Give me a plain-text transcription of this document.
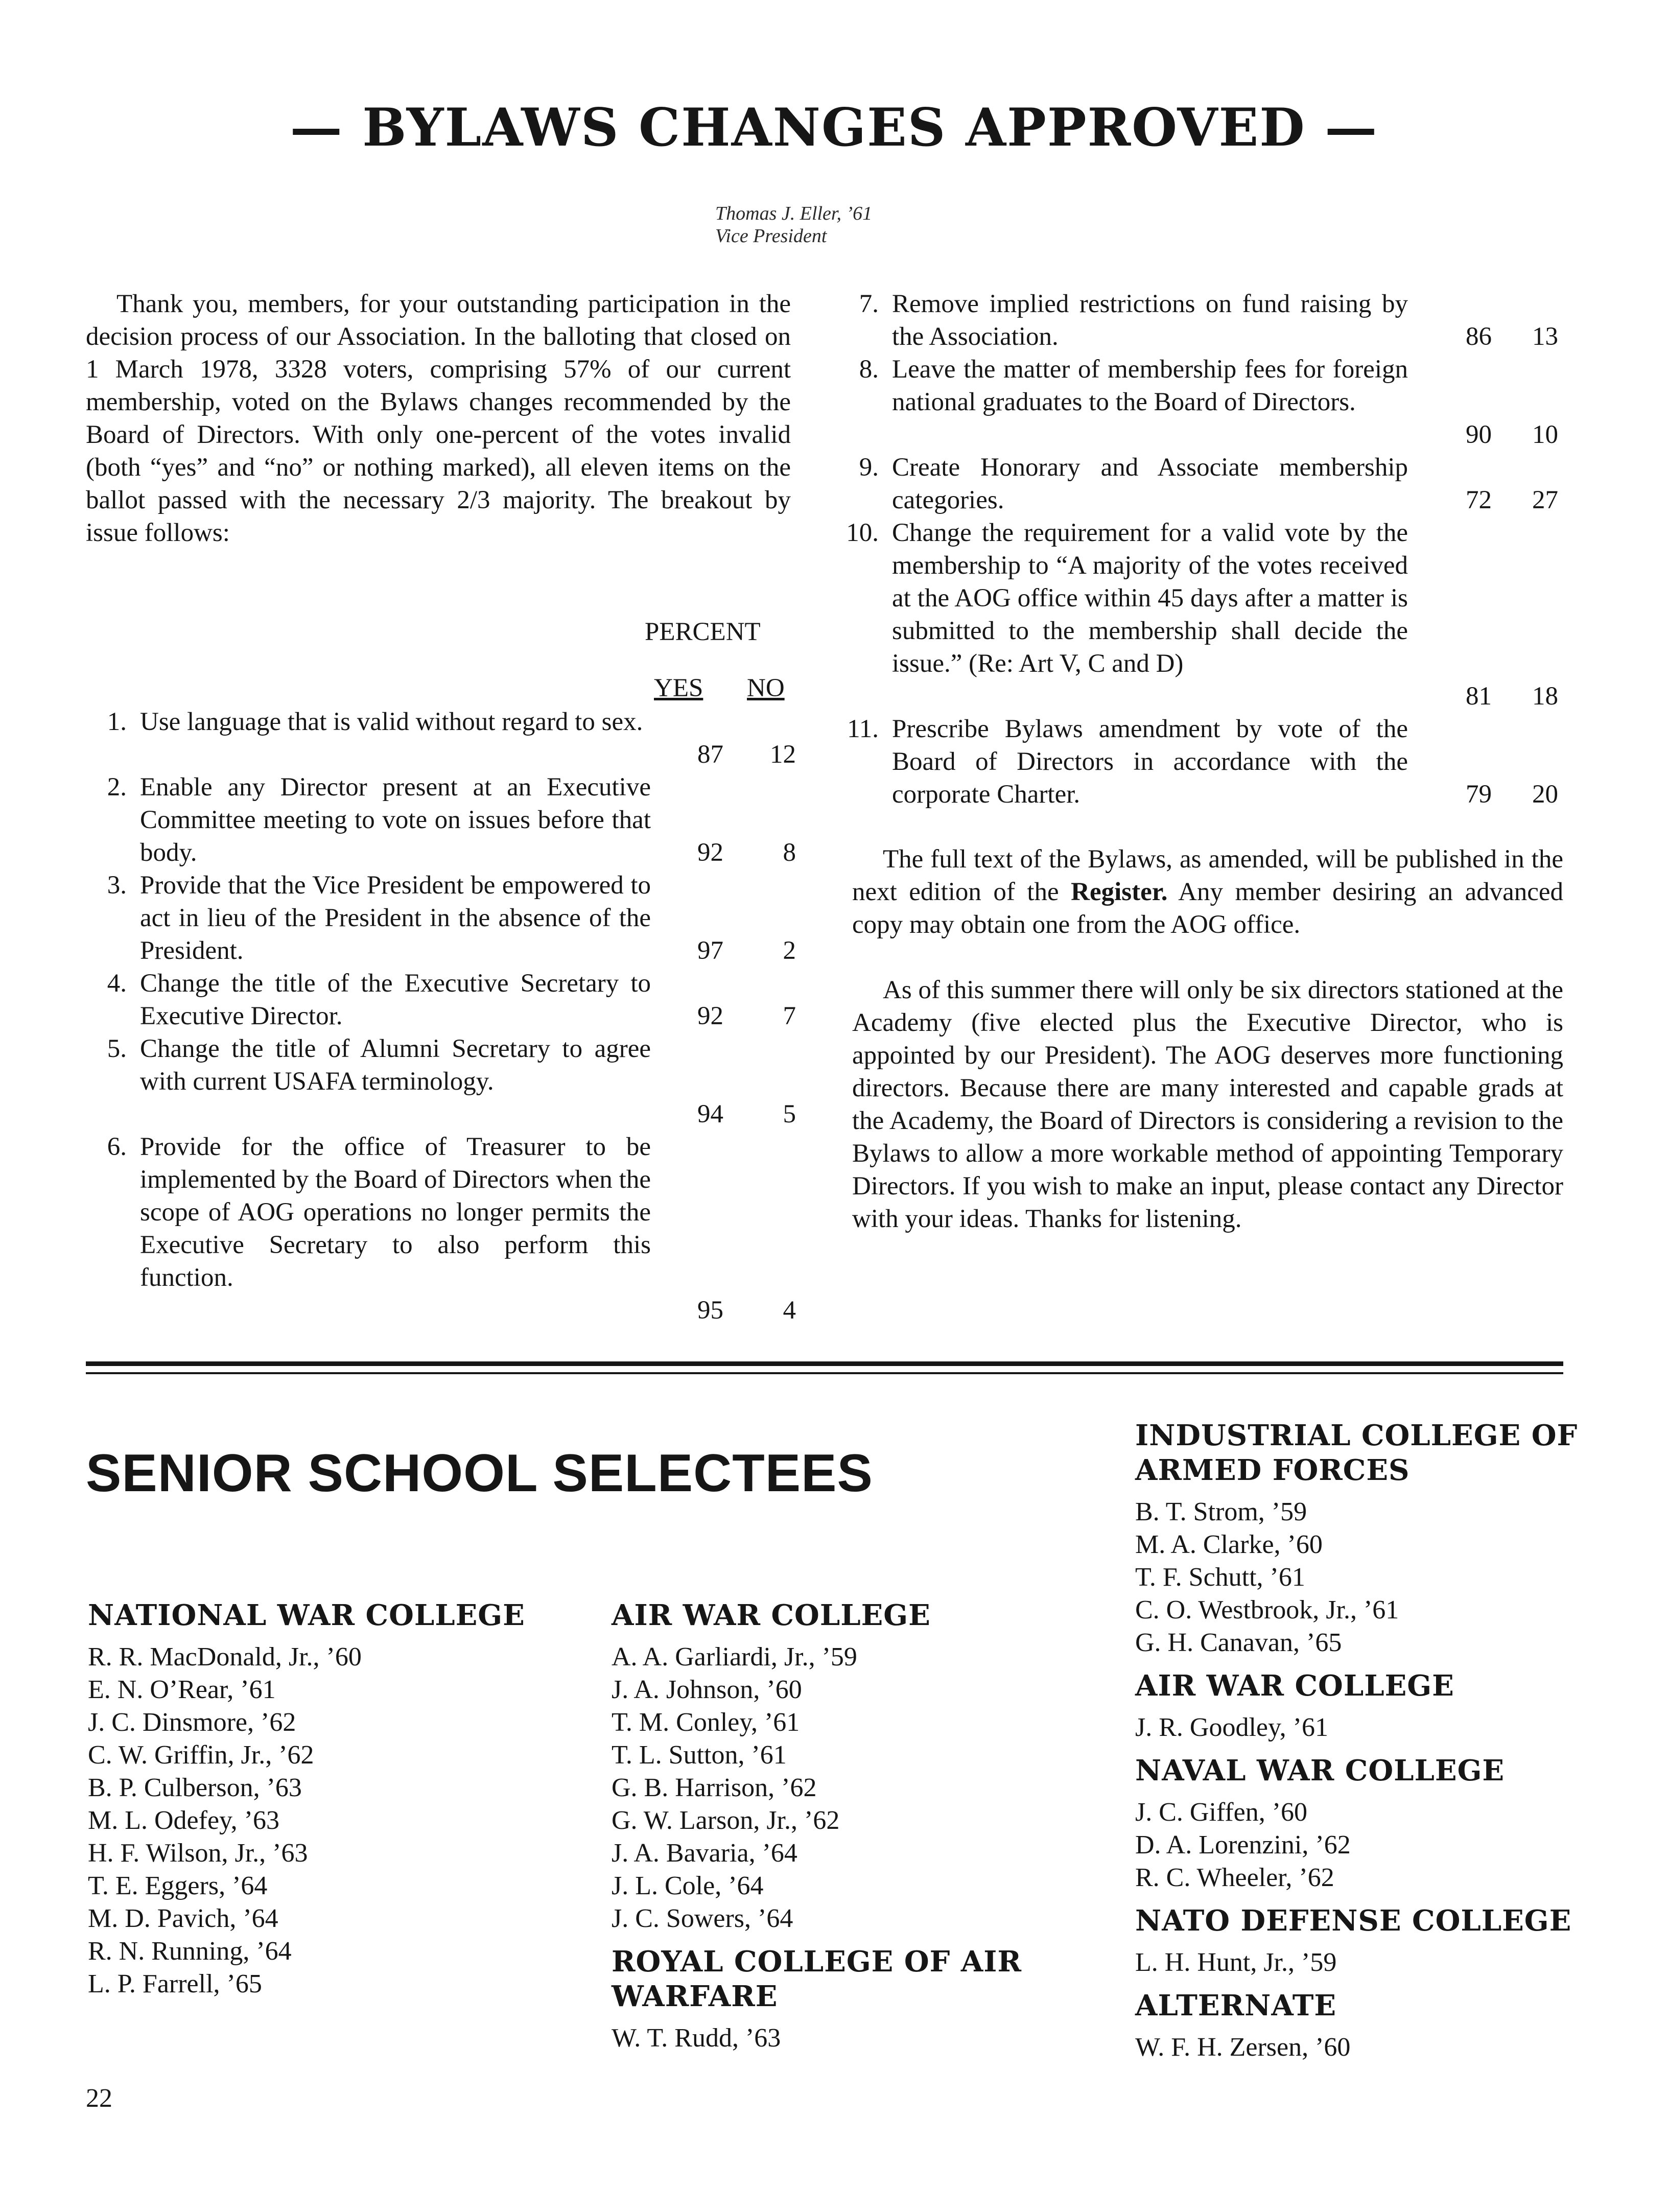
— BYLAWS CHANGES APPROVED —
Thomas J. Eller, ’61
Vice President
Thank you, members, for your outstanding participation in the decision process of our Association. In the balloting that closed on 1 March 1978, 3328 voters, comprising 57% of our current membership, voted on the Bylaws changes recommended by the Board of Directors. With only one-percent of the votes invalid (both “yes” and “no” or nothing marked), all eleven items on the ballot passed with the necessary 2/3 majority. The breakout by issue follows:
PERCENT
YES NO
1. Use language that is valid without regard to sex.
87	12
2. Enable any Director present at an Executive Committee meeting to vote on issues before that body.	92	8
3. Provide that the Vice President be empowered to act in lieu of the President in the absence of the President.	97	2
4. Change the title of the Executive Secretary to Executive Director.	92	7
5. Change the title of Alumni Secretary to agree with current USAFA terminology.
94	5
6. Provide for the office of Treasurer to be implemented by the Board of Directors when the scope of AOG operations no longer permits the Executive Secretary to also perform this function.
95	4
7. Remove implied restrictions on fund raising by the Association.	86	13
8. Leave the matter of membership fees for foreign national graduates to the Board of Directors.
90	10
9. Create Honorary and Associate membership categories.	72	27
10. Change the requirement for a valid vote by the membership to “A majority of the votes received at the AOG office within 45 days after a matter is submitted to the membership shall decide the issue.” (Re: Art V, C and D)
81	18
11. Prescribe Bylaws amendment by vote of the Board of Directors in accordance with the corporate Charter.	79	20
The full text of the Bylaws, as amended, will be published in the next edition of the Register. Any member desiring an advanced copy may obtain one from the AOG office.
As of this summer there will only be six directors stationed at the Academy (five elected plus the Executive Director, who is appointed by our President). The AOG deserves more functioning directors. Because there are many interested and capable grads at the Academy, the Board of Directors is considering a revision to the Bylaws to allow a more workable method of appointing Temporary Directors. If you wish to make an input, please contact any Director with your ideas. Thanks for listening.
SENIOR SCHOOL SELECTEES
NATIONAL WAR COLLEGE
R. R. MacDonald, Jr., ’60
E. N. O’Rear, ’61
J. C. Dinsmore, ’62
C. W. Griffin, Jr., ’62
B. P. Culberson, ’63
M. L. Odefey, ’63
H. F. Wilson, Jr., ’63
T. E. Eggers, ’64
M. D. Pavich, ’64
R. N. Running, ’64
L. P. Farrell, ’65
AIR WAR COLLEGE
A. A. Garliardi, Jr., ’59
J. A. Johnson, ’60
T. M. Conley, ’61
T. L. Sutton, ’61
G. B. Harrison, ’62
G. W. Larson, Jr., ’62
J. A. Bavaria, ’64
J. L. Cole, ’64
J. C. Sowers, ’64
ROYAL COLLEGE OF AIR
WARFARE
W. T. Rudd, ’63
INDUSTRIAL COLLEGE OF
ARMED FORCES
B. T. Strom, ’59
M. A. Clarke, ’60
T. F. Schutt, ’61
C. O. Westbrook, Jr., ’61
G. H. Canavan, ’65
AIR WAR COLLEGE
J. R. Goodley, ’61
NAVAL WAR COLLEGE
J. C. Giffen, ’60
D. A. Lorenzini, ’62
R. C. Wheeler, ’62
NATO DEFENSE COLLEGE
L. H. Hunt, Jr., ’59
ALTERNATE
W. F. H. Zersen, ’60
22
